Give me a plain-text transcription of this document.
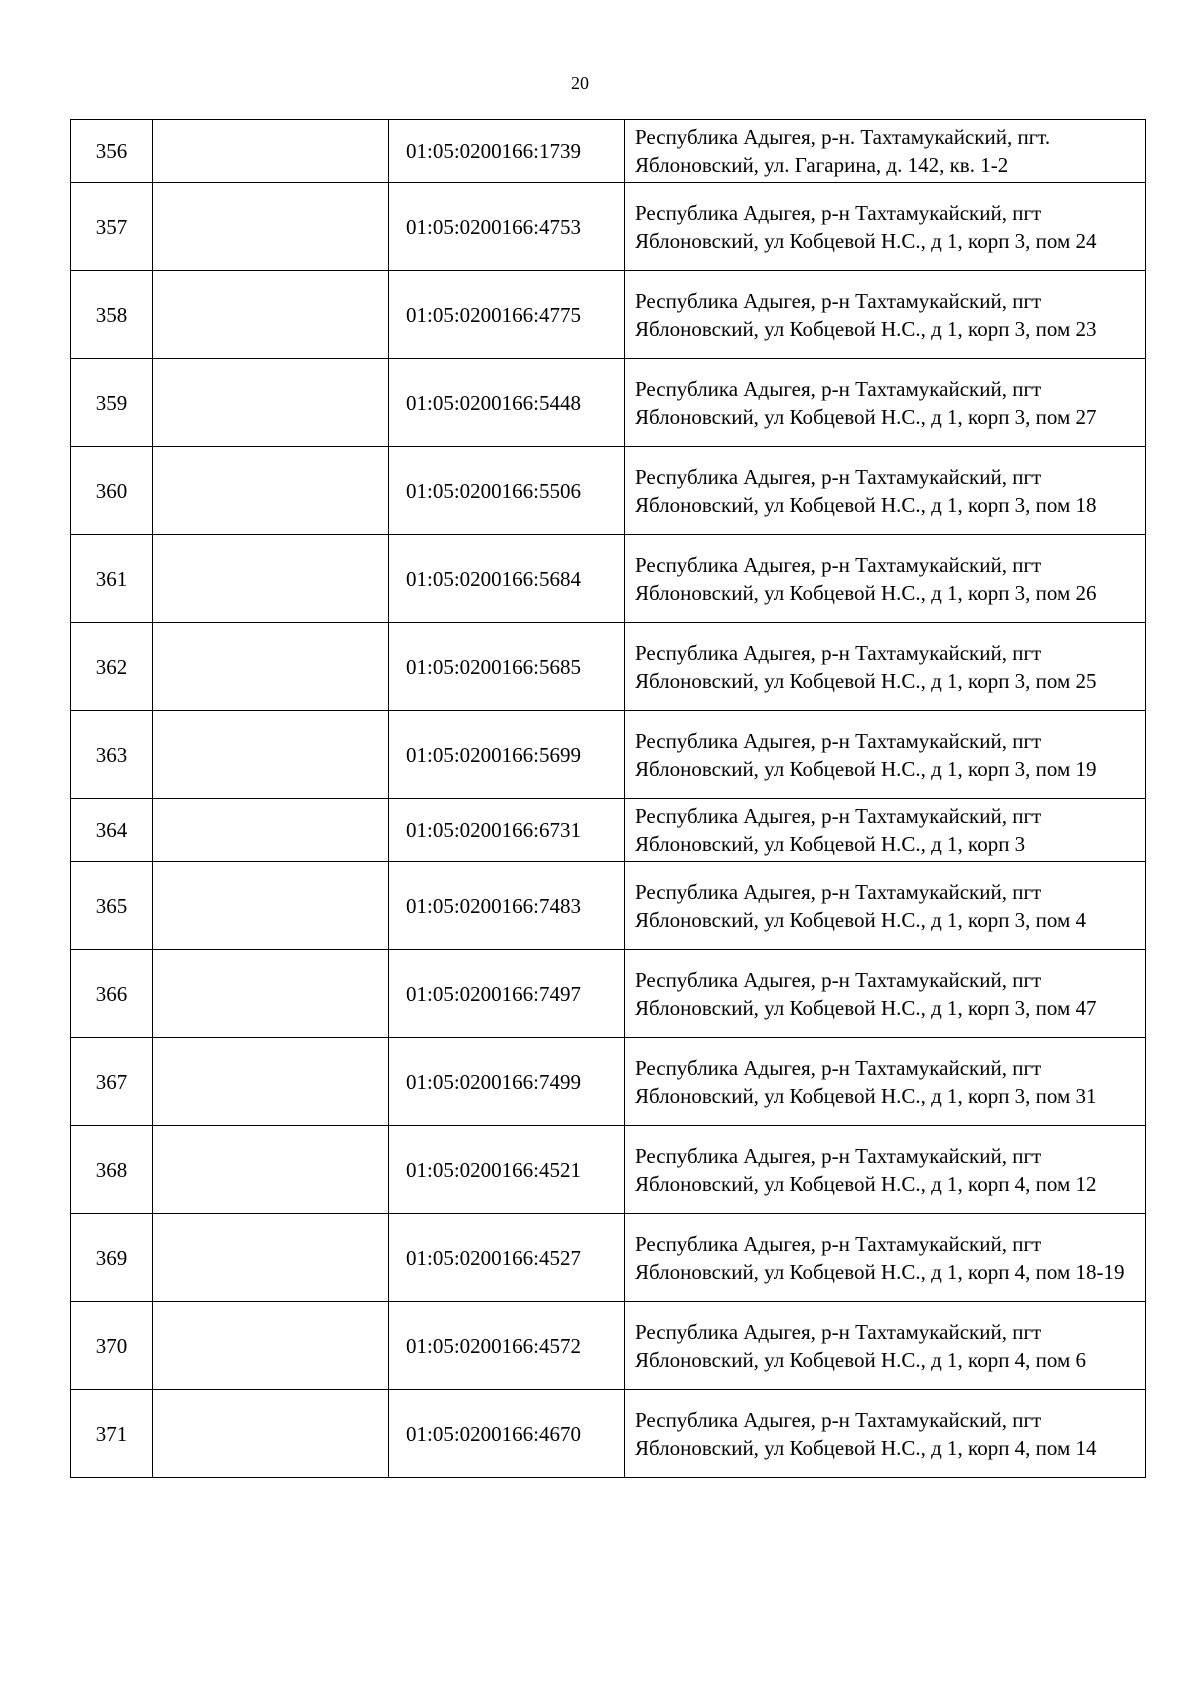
20
356		01:05:0200166:1739	Республика Адыгея, р-н. Тахтамукайский, пгт. Яблоновский, ул. Гагарина, д. 142, кв. 1-2
357		01:05:0200166:4753	Республика Адыгея, р-н Тахтамукайский, пгт Яблоновский, ул Кобцевой Н.С., д 1, корп 3, пом 24
358		01:05:0200166:4775	Республика Адыгея, р-н Тахтамукайский, пгт Яблоновский, ул Кобцевой Н.С., д 1, корп 3, пом 23
359		01:05:0200166:5448	Республика Адыгея, р-н Тахтамукайский, пгт Яблоновский, ул Кобцевой Н.С., д 1, корп 3, пом 27
360		01:05:0200166:5506	Республика Адыгея, р-н Тахтамукайский, пгт Яблоновский, ул Кобцевой Н.С., д 1, корп 3, пом 18
361		01:05:0200166:5684	Республика Адыгея, р-н Тахтамукайский, пгт Яблоновский, ул Кобцевой Н.С., д 1, корп 3, пом 26
362		01:05:0200166:5685	Республика Адыгея, р-н Тахтамукайский, пгт Яблоновский, ул Кобцевой Н.С., д 1, корп 3, пом 25
363		01:05:0200166:5699	Республика Адыгея, р-н Тахтамукайский, пгт Яблоновский, ул Кобцевой Н.С., д 1, корп 3, пом 19
364		01:05:0200166:6731	Республика Адыгея, р-н Тахтамукайский, пгт Яблоновский, ул Кобцевой Н.С., д 1, корп 3
365		01:05:0200166:7483	Республика Адыгея, р-н Тахтамукайский, пгт Яблоновский, ул Кобцевой Н.С., д 1, корп 3, пом 4
366		01:05:0200166:7497	Республика Адыгея, р-н Тахтамукайский, пгт Яблоновский, ул Кобцевой Н.С., д 1, корп 3, пом 47
367		01:05:0200166:7499	Республика Адыгея, р-н Тахтамукайский, пгт Яблоновский, ул Кобцевой Н.С., д 1, корп 3, пом 31
368		01:05:0200166:4521	Республика Адыгея, р-н Тахтамукайский, пгт Яблоновский, ул Кобцевой Н.С., д 1, корп 4, пом 12
369		01:05:0200166:4527	Республика Адыгея, р-н Тахтамукайский, пгт Яблоновский, ул Кобцевой Н.С., д 1, корп 4, пом 18-19
370		01:05:0200166:4572	Республика Адыгея, р-н Тахтамукайский, пгт Яблоновский, ул Кобцевой Н.С., д 1, корп 4, пом 6
371		01:05:0200166:4670	Республика Адыгея, р-н Тахтамукайский, пгт Яблоновский, ул Кобцевой Н.С., д 1, корп 4, пом 14
